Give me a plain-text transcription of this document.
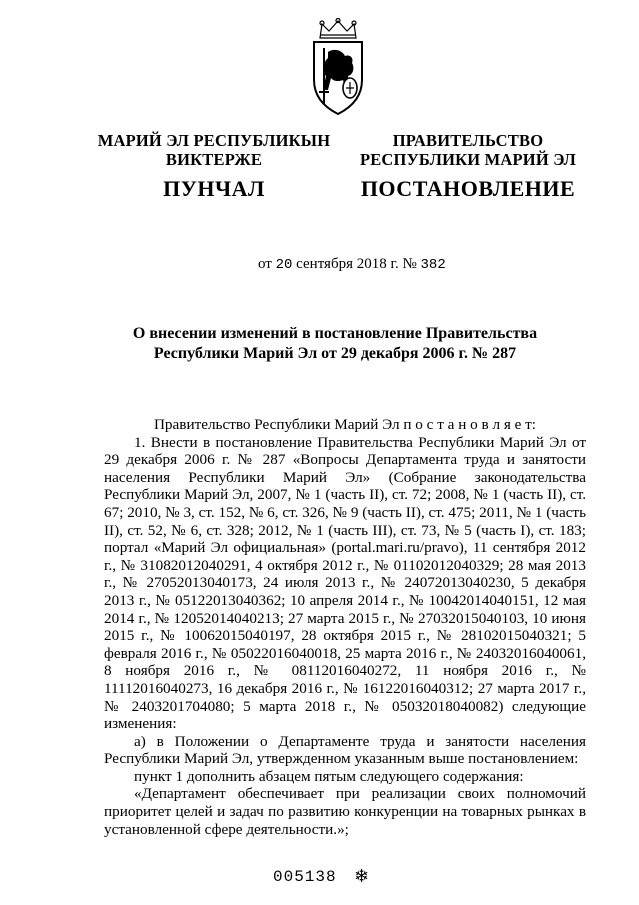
МАРИЙ ЭЛ РЕСПУБЛИКЫН
ВИКТЕРЖЕ
ПРАВИТЕЛЬСТВО
РЕСПУБЛИКИ МАРИЙ ЭЛ
ПУНЧАЛ	ПОСТАНОВЛЕНИЕ
от 20 сентября 2018 г. № 382
О внесении изменений в постановление Правительства
Республики Марий Эл от 29 декабря 2006 г. № 287

Правительство Республики Марий Эл п о с т а н о в л я е т:

1. Внести в постановление Правительства Республики Марий Эл от 29 декабря 2006 г. № 287 «Вопросы Департамента труда и занятости населения Республики Марий Эл» (Собрание законодательства Республики Марий Эл, 2007, № 1 (часть II), ст. 72; 2008, № 1 (часть II), ст. 67; 2010, № 3, ст. 152, № 6, ст. 326, № 9 (часть II), ст. 475; 2011, № 1 (часть II), ст. 52, № 6, ст. 328; 2012, № 1 (часть III), ст. 73, № 5 (часть I), ст. 183; портал «Марий Эл официальная» (portal.mari.ru/pravo), 11 сентября 2012 г., № 31082012040291, 4 октября 2012 г., № 01102012040329; 28 мая 2013 г., № 27052013040173, 24 июля 2013 г., № 24072013040230, 5 декабря 2013 г., № 05122013040362; 10 апреля 2014 г., № 10042014040151, 12 мая 2014 г., № 12052014040213; 27 марта 2015 г., № 27032015040103, 10 июня 2015 г., № 10062015040197, 28 октября 2015 г., № 28102015040321; 5 февраля 2016 г., № 05022016040018, 25 марта 2016 г., № 24032016040061, 8 ноября 2016 г., № 08112016040272, 11 ноября 2016 г., № 11112016040273, 16 декабря 2016 г., № 16122016040312; 27 марта 2017 г., № 2403201704080; 5 марта 2018 г., № 05032018040082) следующие изменения:

а) в Положении о Департаменте труда и занятости населения Республики Марий Эл, утвержденном указанным выше постановлением:

пункт 1 дополнить абзацем пятым следующего содержания:

«Департамент обеспечивает при реализации своих полномочий приоритет целей и задач по развитию конкуренции на товарных рынках в установленной сфере деятельности.»;

005138 ❄
